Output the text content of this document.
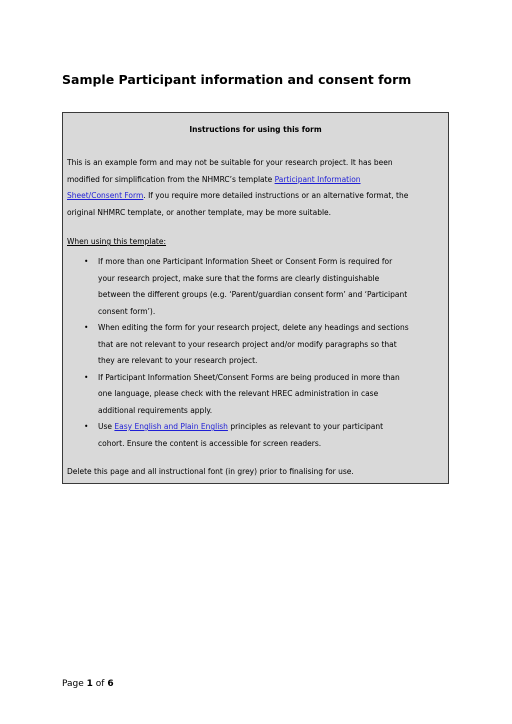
Sample Participant information and consent form
Instructions for using this form
This is an example form and may not be suitable for your research project. It has been
modified for simplification from the NHMRC’s template Participant Information
Sheet/Consent Form. If you require more detailed instructions or an alternative format, the
original NHMRC template, or another template, may be more suitable.
When using this template:
•	If more than one Participant Information Sheet or Consent Form is required for
your research project, make sure that the forms are clearly distinguishable
between the different groups (e.g. ‘Parent/guardian consent form’ and ‘Participant
consent form’).
•	When editing the form for your research project, delete any headings and sections
that are not relevant to your research project and/or modify paragraphs so that
they are relevant to your research project.
•	If Participant Information Sheet/Consent Forms are being produced in more than
one language, please check with the relevant HREC administration in case
additional requirements apply.
•	Use Easy English and Plain English principles as relevant to your participant
cohort. Ensure the content is accessible for screen readers.
Delete this page and all instructional font (in grey) prior to finalising for use.
Page 1 of 6
